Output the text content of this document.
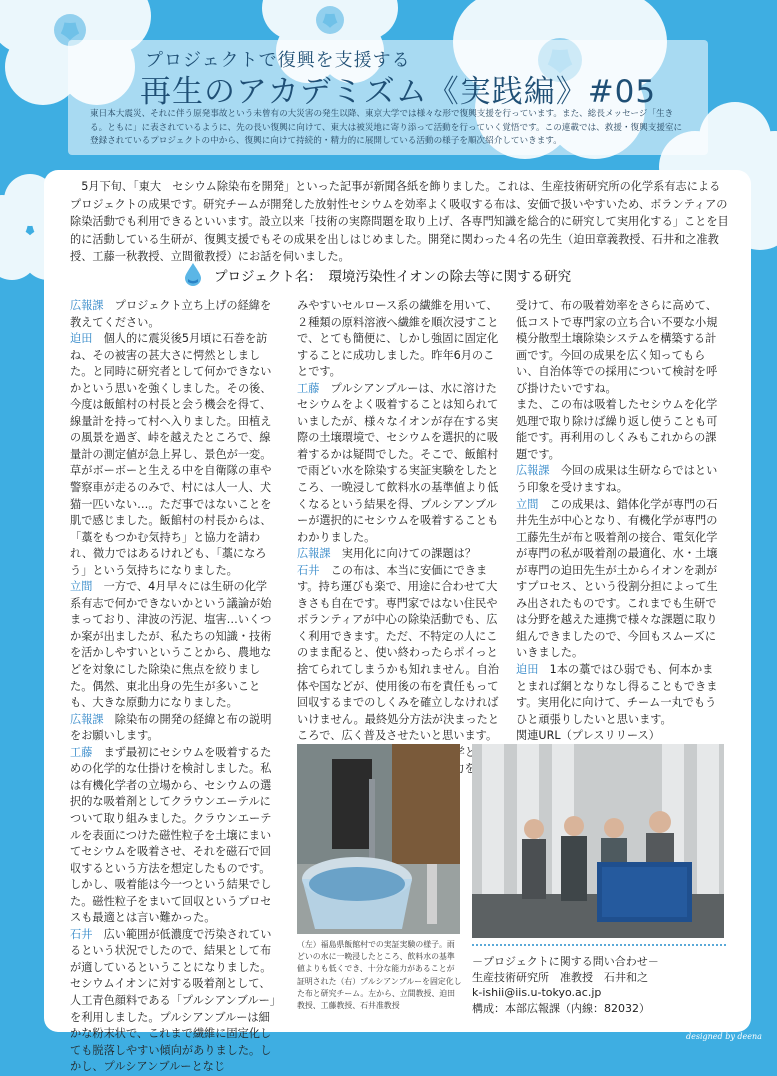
プロジェクトで復興を支援する
再生のアカデミズム《実践編》#05
東日本大震災、それに伴う原発事故という未曾有の大災害の発生以降、東京大学では様々な形で復興支援を行っています。また、総長メッセージ「生きる。ともに」に表されているように、先の長い復興に向けて、東大は被災地に寄り添って活動を行っていく覚悟です。この連載では、救援・復興支援室に登録されているプロジェクトの中から、復興に向けて持続的・精力的に展開している活動の様子を順次紹介していきます。
5月下旬、「東大　セシウム除染布を開発」といった記事が新聞各紙を飾りました。これは、生産技術研究所の化学系有志によるプロジェクトの成果です。研究チームが開発した放射性セシウムを効率よく吸収する布は、安価で扱いやすいため、ボランティアの除染活動でも利用できるといいます。設立以来「技術の実際問題を取り上げ、各専門知識を総合的に研究して実用化する」ことを目的に活動している生研が、復興支援でもその成果を出しはじめました。開発に関わった４名の先生（迫田章義教授、石井和之准教授、工藤一秋教授、立間徹教授）にお話を伺いました。
プロジェクト名：　環境汚染性イオンの除去等に関する研究

広報課　プロジェクト立ち上げの経緯を教えてください。

迫田　個人的に震災後5月頃に石巻を訪ね、その被害の甚大さに愕然としました。と同時に研究者として何かできないかという思いを強くしました。その後、今度は飯館村の村長と会う機会を得て、線量計を持って村へ入りました。田植えの風景を過ぎ、峠を越えたところで、線量計の測定値が急上昇し、景色が一変。草がボーボーと生える中を自衛隊の車や警察車が走るのみで、村には人一人、犬猫一匹いない…。ただ事ではないことを肌で感じました。飯館村の村長からは、「藁をもつかむ気持ち」と協力を請われ、微力ではあるけれども、「藁になろう」という気持ちになりました。

立間　一方で、4月早々には生研の化学系有志で何かできないかという議論が始まっており、津波の汚泥、塩害…いくつか案が出ましたが、私たちの知識・技術を活かしやすいということから、農地などを対象にした除染に焦点を絞りました。偶然、東北出身の先生が多いことも、大きな原動力になりました。

広報課　除染布の開発の経緯と布の説明をお願いします。

工藤　まず最初にセシウムを吸着するための化学的な仕掛けを検討しました。私は有機化学者の立場から、セシウムの選択的な吸着剤としてクラウンエーテルについて取り組みました。クラウンエーテルを表面につけた磁性粒子を土壌にまいてセシウムを吸着させ、それを磁石で回収するという方法を想定したものです。しかし、吸着能は今一つという結果でした。磁性粒子をまいて回収というプロセスも最適とは言い難かった。

石井　広い範囲が低濃度で汚染されているという状況でしたので、結果として布が適しているということになりました。セシウムイオンに対する吸着剤として、人工青色顔料である「プルシアンブルー」を利用しました。プルシアンブルーは細かな粉末状で、これまで繊維に固定化しても脱落しやすい傾向がありました。しかし、プルシアンブルーとなじ

みやすいセルロース系の繊維を用いて、２種類の原料溶液へ繊維を順次浸すことで、とても簡便に、しかし強固に固定化することに成功しました。昨年6月のことです。

工藤　プルシアンブルーは、水に溶けたセシウムをよく吸着することは知られていましたが、様々なイオンが存在する実際の土壌環境で、セシウムを選択的に吸着するかは疑問でした。そこで、飯館村で雨どい水を除染する実証実験をしたところ、一晩浸して飲料水の基準値より低くなるという結果を得、プルシアンブルーが選択的にセシウムを吸着することもわかりました。

広報課　実用化に向けての課題は？

石井　この布は、本当に安価にできます。持ち運びも楽で、用途に合わせて大きさも自在です。専門家ではない住民やボランティアが中心の除染活動でも、広く利用できます。ただ、不特定の人にこのまま配ると、使い終わったらポイっと捨てられてしまうかも知れません。自治体や国などが、使用後の布を責任もって回収するまでのしくみを確立しなければいけません。最終処分方法が決まったところで、広く普及させたいと思います。 と 力を

受けて、布の吸着効率をさらに高めて、低コストで専門家の立ち合い不要な小規模分散型土壌除染システムを構築する計画です。今回の成果を広く知ってもらい、自治体等での採用について検討を呼び掛けたいですね。

また、この布は吸着したセシウムを化学処理で取り除けば繰り返し使うことも可能です。再利用のしくみもこれからの課題です。

広報課　今回の成果は生研ならではという印象を受けますね。

立間　この成果は、錯体化学が専門の石井先生が中心となり、有機化学が専門の工藤先生が布と吸着剤の接合、電気化学が専門の私が吸着剤の最適化、水・土壌が専門の迫田先生が土からイオンを剥がすプロセス、という役割分担によって生み出されたものです。これまでも生研では分野を越えた連携で様々な課題に取り組んできましたので、今回もスムーズにいきました。

迫田　1本の藁ではひ弱でも、何本かまとまれば網となりなし得ることもできます。実用化に向けて、チーム一丸でもうひと頑張りしたいと思います。

関連URL（プレスリリース）

（左）福島県飯館村での実証実験の様子。雨どいの水に一晩浸したところ、飲料水の基準値よりも低くでき、十分な能力があることが証明された（右）プルシアンブルーを固定化した布と研究チーム。左から、立間教授、迫田教授、工藤教授、石井准教授
－プロジェクトに関する問い合わせ－
生産技術研究所　准教授　石井和之
k-ishii@iis.u-tokyo.ac.jp
構成：本部広報課（内線：82032）
designed by deena
